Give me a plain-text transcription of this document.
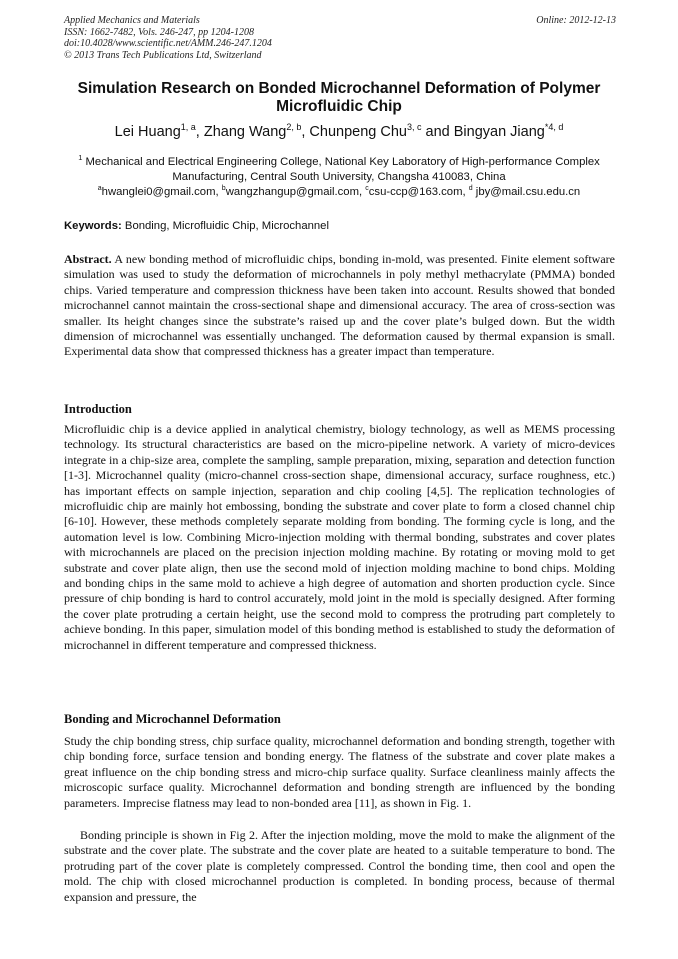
Applied Mechanics and Materials
ISSN: 1662-7482, Vols. 246-247, pp 1204-1208
doi:10.4028/www.scientific.net/AMM.246-247.1204
© 2013 Trans Tech Publications Ltd, Switzerland
Online: 2012-12-13
Simulation Research on Bonded Microchannel Deformation of Polymer Microfluidic Chip
Lei Huang$^{1, a}$, Zhang Wang$^{2, b}$, Chunpeng Chu$^{3, c}$ and Bingyan Jiang$^{*4, d}$
$^1$ Mechanical and Electrical Engineering College, National Key Laboratory of High-performance Complex Manufacturing, Central South University, Changsha 410083, China
$^a$hwanglei0@gmail.com, $^b$wangzhangup@gmail.com, $^c$csu-ccp@163.com, $^d$ jby@mail.csu.edu.cn
Keywords: Bonding, Microfluidic Chip, Microchannel
Abstract. A new bonding method of microfluidic chips, bonding in-mold, was presented. Finite element software simulation was used to study the deformation of microchannels in poly methyl methacrylate (PMMA) bonded chips. Varied temperature and compression thickness have been taken into account. Results showed that bonded microchannel cannot maintain the cross-sectional shape and dimensional accuracy. The area of cross-section was smaller. Its height changes since the substrate’s raised up and the cover plate’s bulged down. But the width dimension of microchannel was essentially unchanged. The deformation caused by thermal expansion is small. Experimental data show that compressed thickness has a greater impact than temperature.
Introduction
Microfluidic chip is a device applied in analytical chemistry, biology technology, as well as MEMS processing technology. Its structural characteristics are based on the micro-pipeline network. A variety of micro-devices integrate in a chip-size area, complete the sampling, sample preparation, mixing, separation and detection function [1-3]. Microchannel quality (micro-channel cross-section shape, dimensional accuracy, surface roughness, etc.) has important effects on sample injection, separation and chip cooling [4,5]. The replication technologies of microfluidic chip are mainly hot embossing, bonding the substrate and cover plate to form a closed channel chip [6-10]. However, these methods completely separate molding from bonding. The forming cycle is long, and the automation level is low. Combining Micro-injection molding with thermal bonding, substrates and cover plates with microchannels are placed on the precision injection molding machine. By rotating or moving mold to get substrate and cover plate align, then use the second mold of injection molding machine to bond chips. Molding and bonding chips in the same mold to achieve a high degree of automation and shorten production cycle. Since pressure of chip bonding is hard to control accurately, mold joint in the mold is specially designed. After forming the cover plate protruding a certain height, use the second mold to compress the protruding part completely to achieve bonding. In this paper, simulation model of this bonding method is established to study the deformation of microchannel in different temperature and compressed thickness.
Bonding and Microchannel Deformation
Study the chip bonding stress, chip surface quality, microchannel deformation and bonding strength, together with chip bonding force, surface tension and bonding energy. The flatness of the substrate and cover plate makes a great influence on the chip bonding stress and micro-chip surface quality. Surface cleanliness mainly affects the microscopic surface quality. Microchannel deformation and bonding strength are influenced by the bonding parameters. Imprecise flatness may lead to non-bonded area [11], as shown in Fig. 1.
Bonding principle is shown in Fig 2. After the injection molding, move the mold to make the alignment of the substrate and the cover plate. The substrate and the cover plate are heated to a suitable temperature to bond. The protruding part of the cover plate is completely compressed. Control the bonding time, then cool and open the mold. The chip with closed microchannel production is completed. In bonding process, because of thermal expansion and pressure, the
